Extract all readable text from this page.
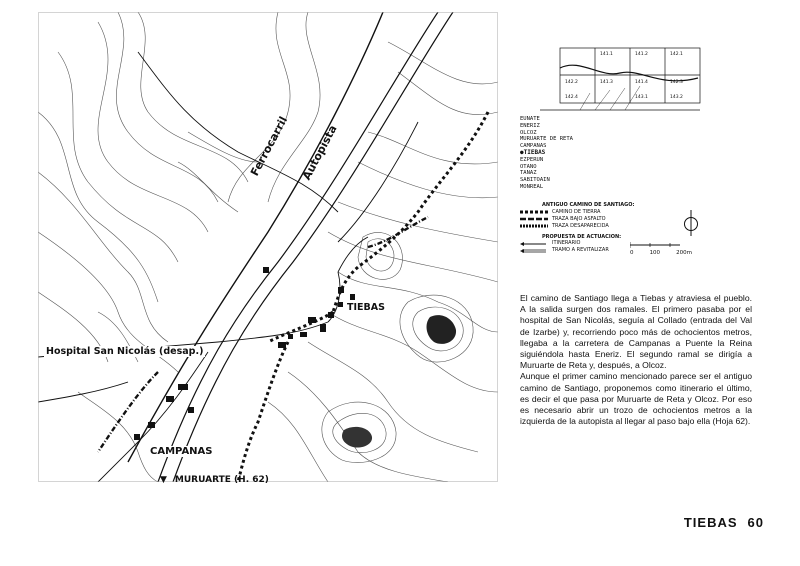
Hospital San Nicolás (desap.)
TIEBAS
CAMPANAS
▼ MURUARTE (H. 62)
Ferrocarril Autopista
141.1	141.2	142.1
142.2	141.3	141.4	142.3
142.4	143.1	143.2
EUNATE
ENERIZ
OLCOZ
MURUARTE DE RETA
CAMPANAS
●TIEBAS
EZPERUN
OTANO
TANAZ
SABITOAIN
MONREAL
ANTIGUO CAMINO DE SANTIAGO:
CAMINO DE TIERRA
TRAZA BAJO ASFALTO
TRAZA DESAPARECIDA
PROPUESTA DE ACTUACION:
ITINERARIO
TRAMO A REVITALIZAR	0	100	200m

El camino de Santiago llega a Tiebas y atraviesa el pueblo. A la salida surgen dos ramales. El primero pasaba por el hospital de San Nicolás, seguía al Collado (entrada del Val de Izarbe) y, recorriendo poco más de ochocientos metros, llegaba a la carretera de Campanas a Puente la Reina siguiéndola hasta Eneriz. El segundo ramal se dirigía a Muruarte de Reta y, después, a Olcoz.

Aunque el primer camino mencionado parece ser el antiguo camino de Santiago, proponemos como itinerario el último, es decir el que pasa por Muruarte de Reta y Olcoz. Por eso es necesario abrir un trozo de ochocientos metros a la izquierda de la autopista al llegar al paso bajo ella (Hoja 62).

TIEBAS 60
